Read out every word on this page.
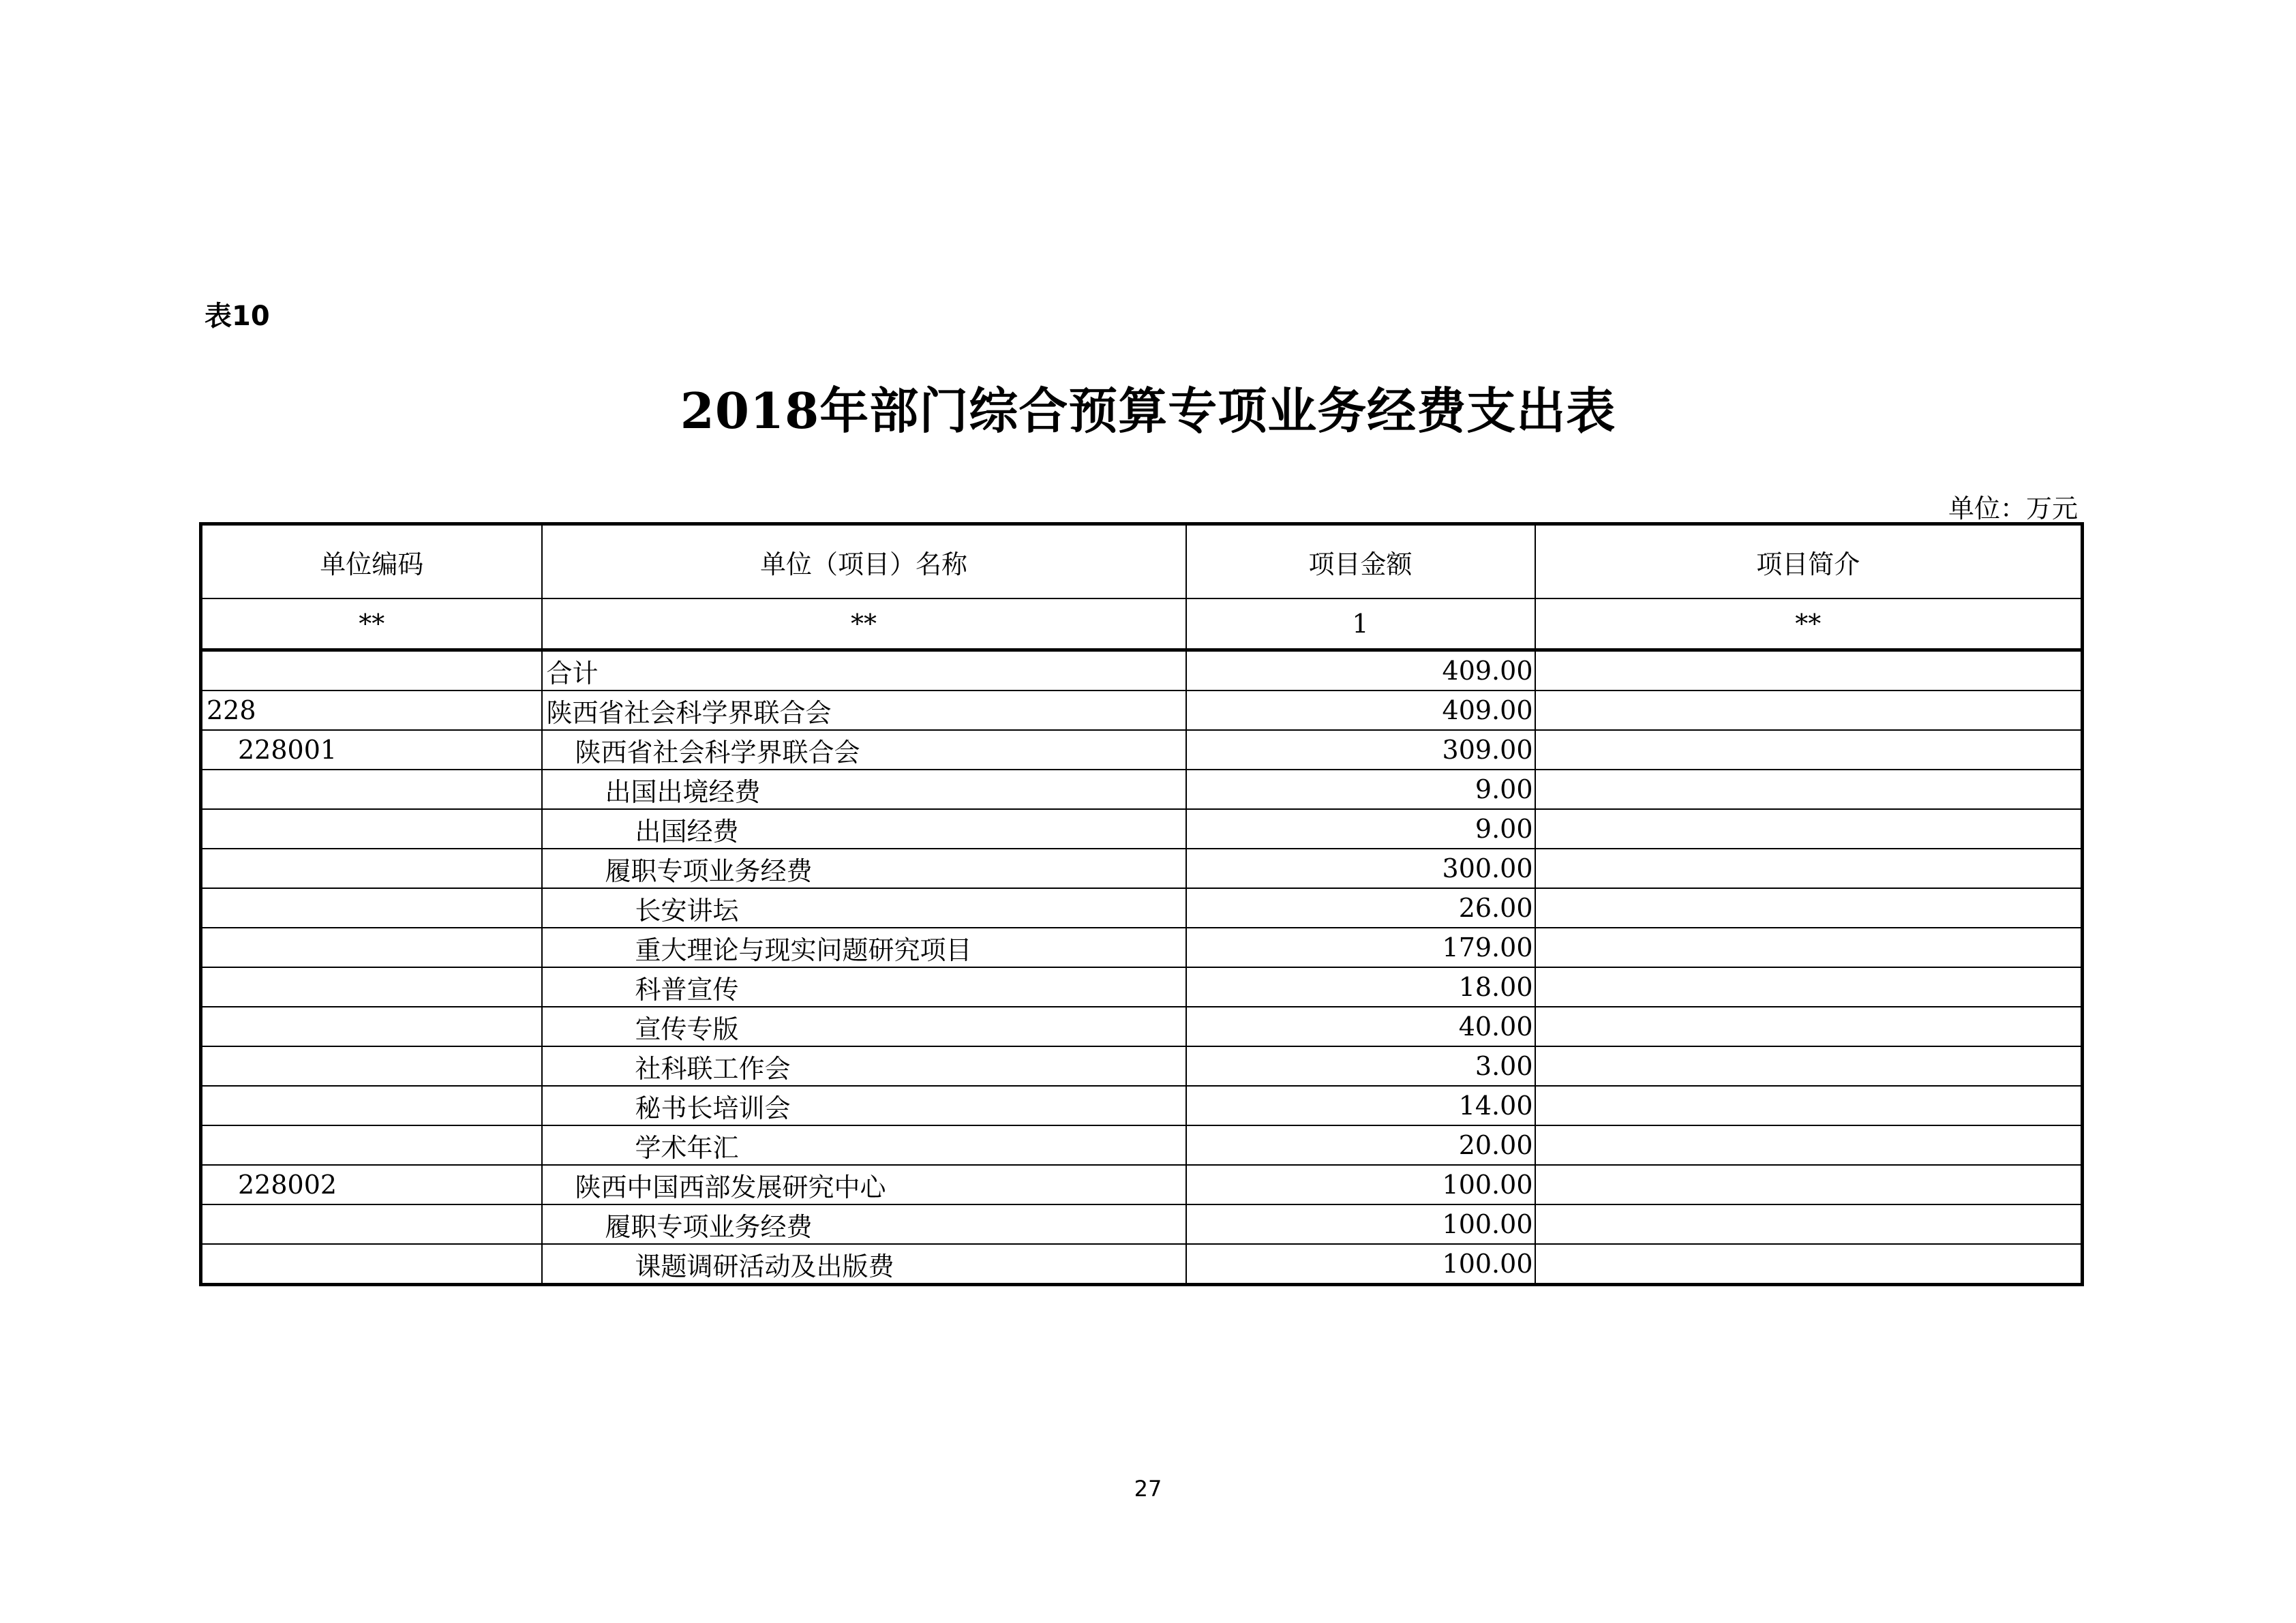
表10
2018年部门综合预算专项业务经费支出表
单位：万元
单位编码	单位（项目）名称	项目金额	项目简介
**	**	1	**
	合计	409.00	
228	陕西省社会科学界联合会	409.00	
228001	陕西省社会科学界联合会	309.00	
	出国出境经费	9.00	
	出国经费	9.00	
	履职专项业务经费	300.00	
	长安讲坛	26.00	
	重大理论与现实问题研究项目	179.00	
	科普宣传	18.00	
	宣传专版	40.00	
	社科联工作会	3.00	
	秘书长培训会	14.00	
	学术年汇	20.00	
228002	陕西中国西部发展研究中心	100.00	
	履职专项业务经费	100.00	
	课题调研活动及出版费	100.00	
27
